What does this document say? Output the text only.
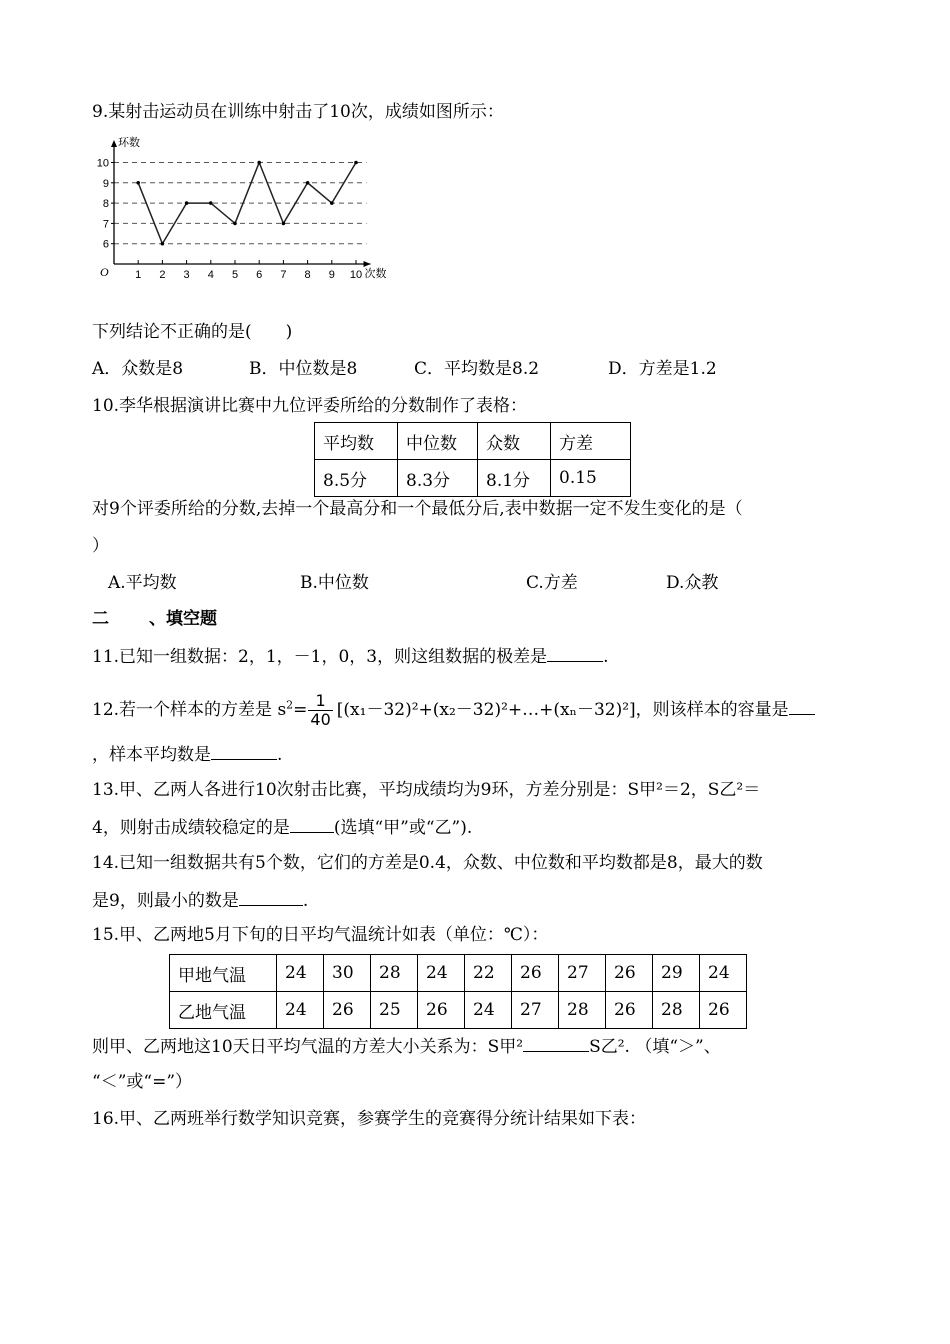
9.某射击运动员在训练中射击了10次，成绩如图所示：
6
7
8
9
10
1 2 3 4 5 6 7 8 9 10
O
环数
次数
下列结论不正确的是(　　)
A．众数是8	B．中位数是8	C．平均数是8.2	D．方差是1.2
10.李华根据演讲比赛中九位评委所给的分数制作了表格：
平均数	中位数	众数	方差
8.5分	8.3分	8.1分	0.15
对9个评委所给的分数,去掉一个最高分和一个最低分后,表中数据一定不发生变化的是（
）
A.平均数	B.中位数	C.方差	D.众教
二 、填空题
11.已知一组数据：2，1，－1，0，3，则这组数据的极差是	.
12.若一个样本的方差是 $s^2= \frac{1}{40}$ [(x₁－32)²+(x₂－32)²+…+(xₙ－32)²]，则该样本的容量是
，样本平均数是	.
13.甲、乙两人各进行10次射击比赛，平均成绩均为9环，方差分别是：S甲²＝2，S乙²＝
4，则射击成绩较稳定的是	(选填“甲”或“乙”).
14.已知一组数据共有5个数，它们的方差是0.4，众数、中位数和平均数都是8，最大的数
是9，则最小的数是	.
15.甲、乙两地5月下旬的日平均气温统计如表（单位：℃）：
甲地气温	24	30	28	24	22	26	27	26	29	24
乙地气温	24	26	25	26	24	27	28	26	28	26
则甲、乙两地这10天日平均气温的方差大小关系为：S甲²	S乙². （填“＞”、
“＜”或“=”）
16.甲、乙两班举行数学知识竞赛，参赛学生的竞赛得分统计结果如下表：
